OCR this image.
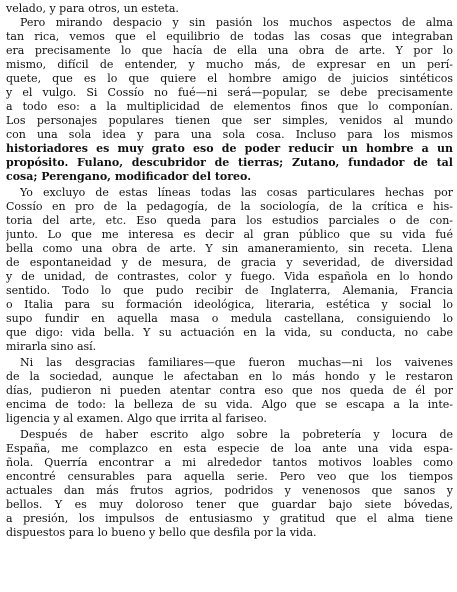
velado, y para otros, un esteta.
Pero mirando despacio y sin pasión los muchos aspectos de alma
tan rica, vemos que el equilibrio de todas las cosas que integraban
era precisamente lo que hacía de ella una obra de arte. Y por lo
mismo, difícil de entender, y mucho más, de expresar en un perí-
quete, que es lo que quiere el hombre amigo de juicios sintéticos
y el vulgo. Si Cossío no fué—ni será—popular, se debe precisamente
a todo eso: a la multiplicidad de elementos finos que lo componían.
Los personajes populares tienen que ser simples, venidos al mundo
con una sola idea y para una sola cosa. Incluso para los mismos
historiadores es muy grato eso de poder reducir un hombre a un
propósito. Fulano, descubridor de tierras; Zutano, fundador de tal
cosa; Perengano, modificador del toreo.
Yo excluyo de estas líneas todas las cosas particulares hechas por
Cossío en pro de la pedagogía, de la sociología, de la crítica e his-
toria del arte, etc. Eso queda para los estudios parciales o de con-
junto. Lo que me interesa es decir al gran público que su vida fué
bella como una obra de arte. Y sin amaneramiento, sin receta. Llena
de espontaneidad y de mesura, de gracia y severidad, de diversidad
y de unidad, de contrastes, color y fuego. Vida española en lo hondo
sentido. Todo lo que pudo recibir de Inglaterra, Alemania, Francia
o Italia para su formación ideológica, literaria, estética y social lo
supo fundir en aquella masa o medula castellana, consiguiendo lo
que digo: vida bella. Y su actuación en la vida, su conducta, no cabe
mirarla sino así.
Ni las desgracias familiares—que fueron muchas—ni los vaivenes
de la sociedad, aunque le afectaban en lo más hondo y le restaron
días, pudieron ni pueden atentar contra eso que nos queda de él por
encima de todo: la belleza de su vida. Algo que se escapa a la inte-
ligencia y al examen. Algo que irrita al fariseo.
Después de haber escrito algo sobre la pobretería y locura de
España, me complazco en esta especie de loa ante una vida espa-
ñola. Querría encontrar a mi alrededor tantos motivos loables como
encontré censurables para aquella serie. Pero veo que los tiempos
actuales dan más frutos agrios, podridos y venenosos que sanos y
bellos. Y es muy doloroso tener que guardar bajo siete bóvedas,
a presión, los impulsos de entusiasmo y gratitud que el alma tiene
dispuestos para lo bueno y bello que desfila por la vida.
